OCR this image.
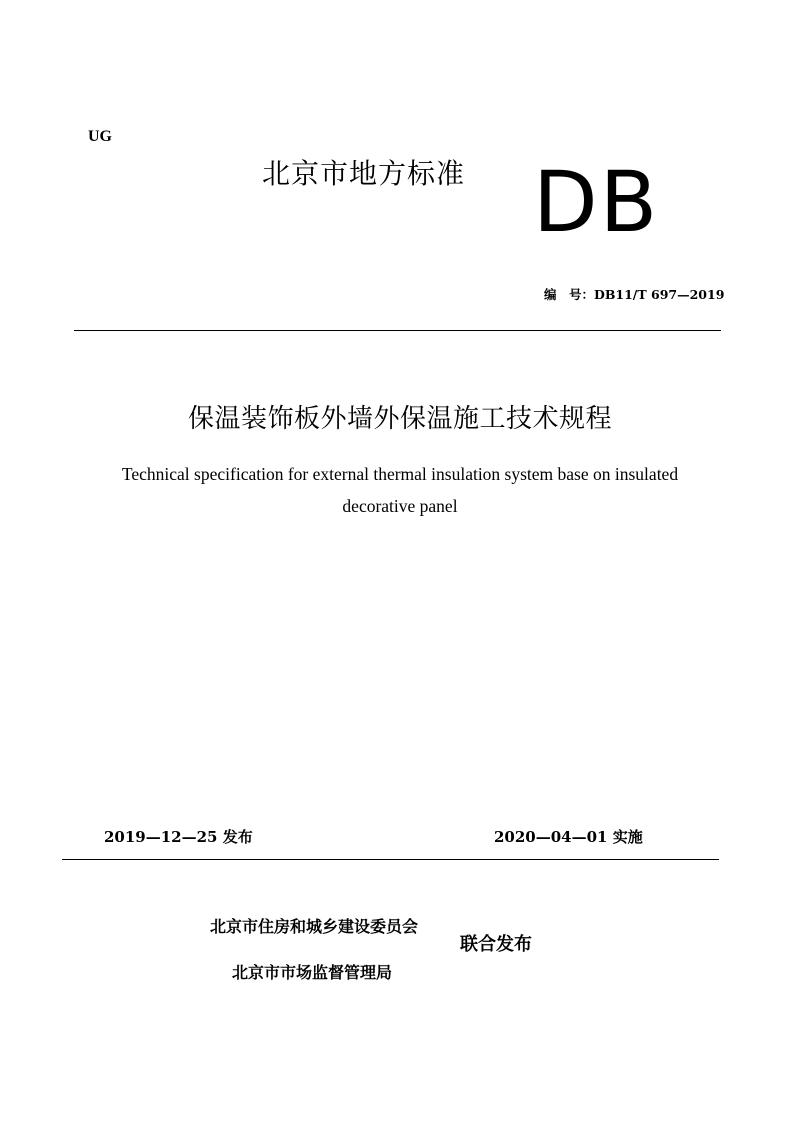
UG
北京市地方标准 DB
编　号：DB11/T 697—2019
保温装饰板外墙外保温施工技术规程
Technical specification for external thermal insulation system base on insulated decorative panel
2019—12—25 发布	2020—04—01 实施
北京市住房和城乡建设委员会
北京市市场监督管理局
联合发布
